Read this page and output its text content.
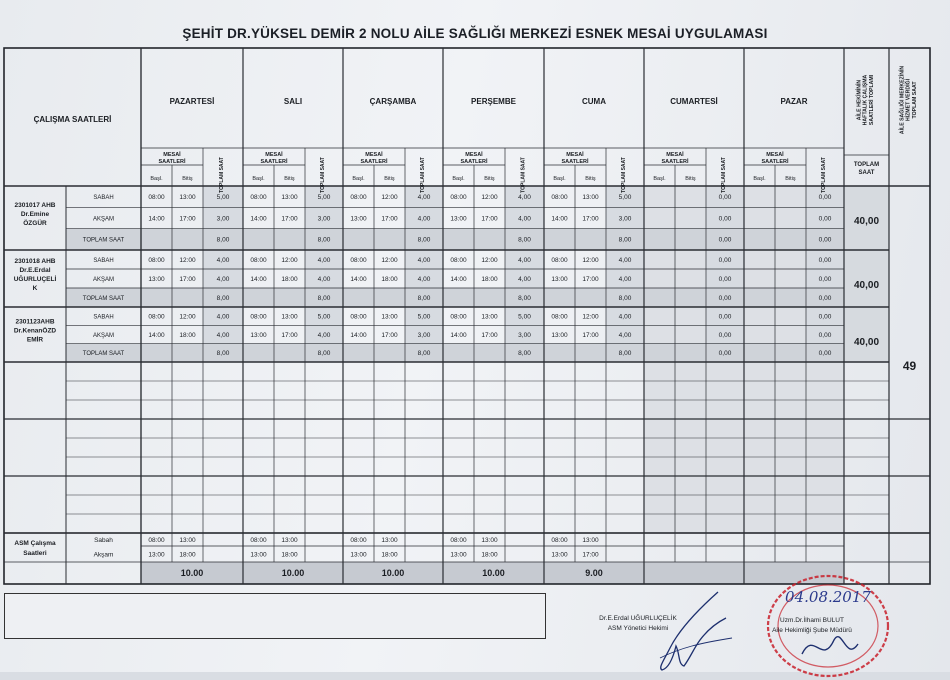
ŞEHİT DR.YÜKSEL DEMİR 2 NOLU AİLE SAĞLIĞI MERKEZİ ESNEK MESAİ UYGULAMASI
ÇALIŞMA SAATLERİ
PAZARTESİ
MESAİ
SAATLERİ
Başl.	Bitiş	TOPLAM SAAT
SALI
MESAİ
SAATLERİ
Başl.	Bitiş	TOPLAM SAAT
ÇARŞAMBA
MESAİ
SAATLERİ
Başl.	Bitiş	TOPLAM SAAT
PERŞEMBE
MESAİ
SAATLERİ
Başl.	Bitiş	TOPLAM SAAT
CUMA
MESAİ
SAATLERİ
Başl.	Bitiş	TOPLAM SAAT
CUMARTESİ
MESAİ
SAATLERİ
Başl.	Bitiş	TOPLAM SAAT
PAZAR
MESAİ
SAATLERİ
Başl.	Bitiş	TOPLAM SAAT
AİLE HEKİMİNİNHAFTALIK ÇALIŞMASAATLERİ TOPLAMI	AİLE SAĞLIĞI MERKEZİNİNHİZMET VERDİĞİTOPLAM SAAT
TOPLAM
SAAT
2301017 AHB
Dr.Emine
ÖZGÜR	40,00
SABAH	08:00 13:00	5,00	08:00 13:00	5,00	08:00 12:00	4,00	08:00 12:00	4,00	08:00 13:00	5,00	0,00	0,00
AKŞAM	14:00 17:00	3,00	14:00 17:00	3,00	13:00 17:00	4,00	13:00 17:00	4,00	14:00 17:00	3,00	0,00	0,00
TOPLAM SAAT	8,00	8,00	8,00	8,00	8,00	0,00	0,00
2301018 AHB
Dr.E.Erdal
UĞURLUÇELİ
K	40,00
SABAH	08:00 12:00	4,00	08:00 12:00	4,00	08:00 12:00	4,00	08:00 12:00	4,00	08:00 12:00	4,00	0,00	0,00
AKŞAM	13:00 17:00	4,00	14:00 18:00	4,00	14:00 18:00	4,00	14:00 18:00	4,00	13:00 17:00	4,00	0,00	0,00
TOPLAM SAAT	8,00	8,00	8,00	8,00	8,00	0,00	0,00
2301123AHB
Dr.KenanÖZD
EMİR	40,00
SABAH	08:00 12:00	4,00	08:00 13:00	5,00	08:00 13:00	5,00	08:00 13:00	5,00	08:00 12:00	4,00	0,00	0,00
AKŞAM	14:00 18:00	4,00	13:00 17:00	4,00	14:00 17:00	3,00	14:00 17:00	3,00	13:00 17:00	4,00	0,00	0,00
TOPLAM SAAT	8,00	8,00	8,00	8,00	8,00	0,00	0,00
49
ASM Çalışma
Saatleri
Sabah	08:00 13:00	08:00 13:00	08:00 13:00	08:00 13:00	08:00 13:00
Akşam	13:00 18:00	13:00 18:00	13:00 18:00	13:00 18:00	13:00 17:00
10.00	10.00	10.00	10.00	9.00
Dr.E.Erdal UĞURLUÇELİK
ASM Yönetici Hekimi
04.08.2017
Uzm.Dr.İlhami BULUT
Aile Hekimliği Şube Müdürü
